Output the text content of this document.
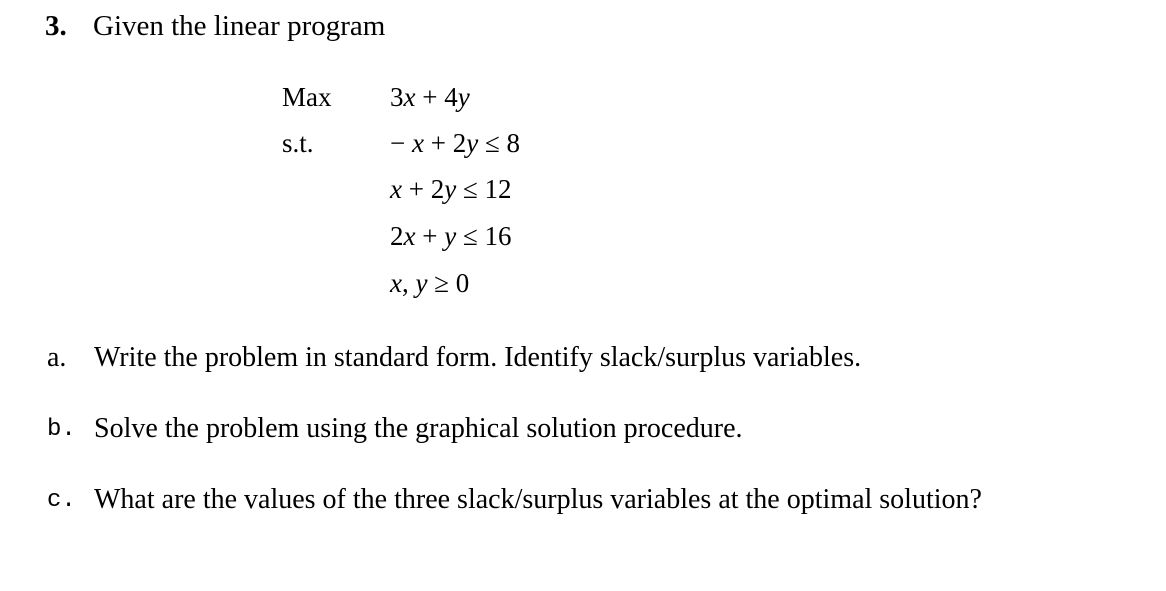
3. Given the linear program
Max 3x + 4y
s.t.	− x + 2y ≤ 8
x + 2y ≤ 12
2x + y ≤ 16
x, y ≥ 0
a. Write the problem in standard form. Identify slack/surplus variables.
b. Solve the problem using the graphical solution procedure.
c. What are the values of the three slack/surplus variables at the optimal solution?
